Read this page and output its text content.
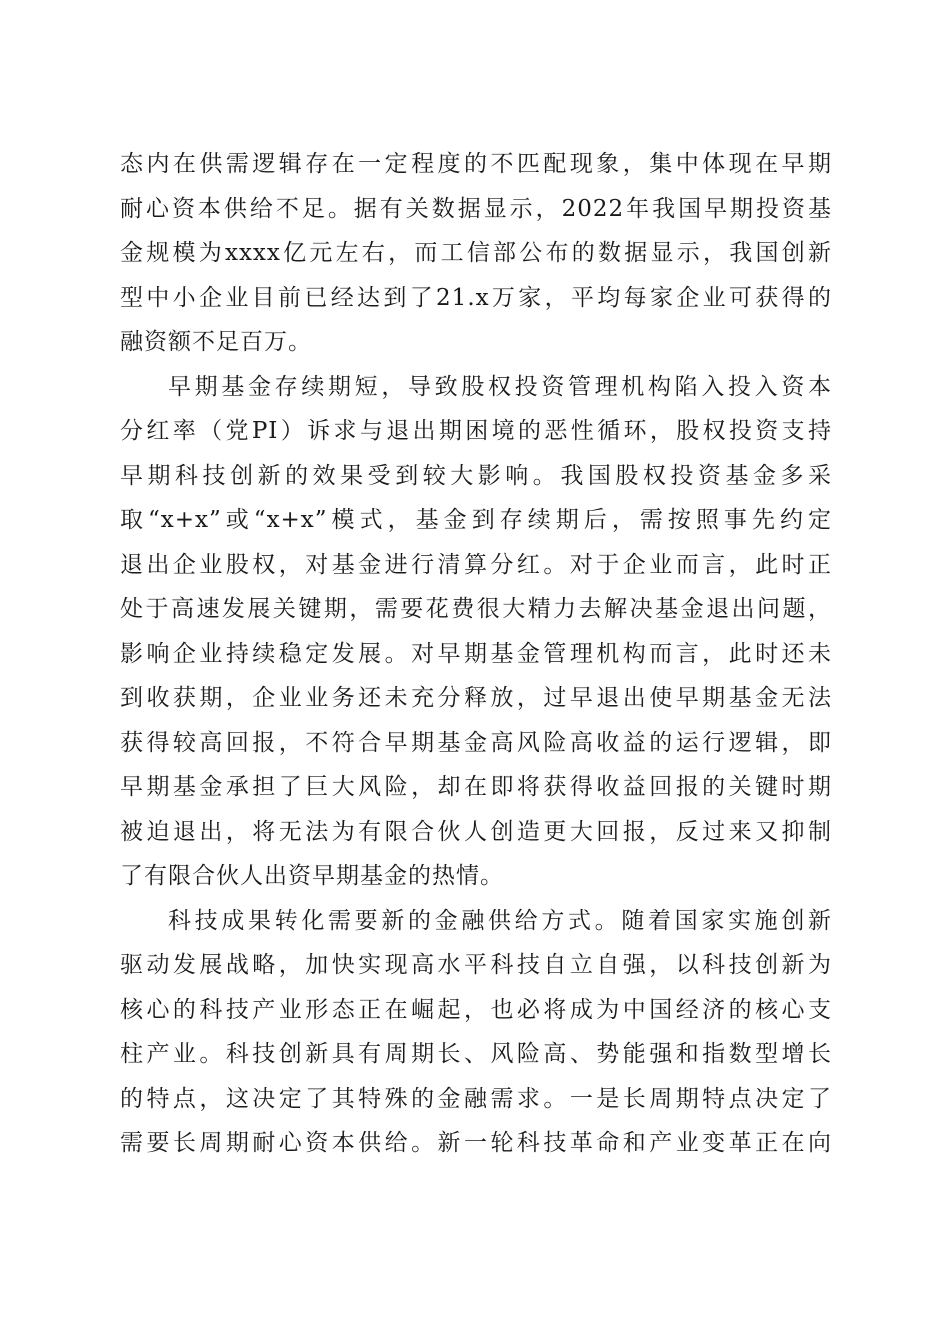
态内在供需逻辑存在一定程度的不匹配现象，集中体现在早期
耐心资本供给不足。据有关数据显示，2022年我国早期投资基
金规模为xxxx亿元左右，而工信部公布的数据显示，我国创新
型中小企业目前已经达到了21.x万家，平均每家企业可获得的
融资额不足百万。
早期基金存续期短，导致股权投资管理机构陷入投入资本
分红率（党PI）诉求与退出期困境的恶性循环，股权投资支持
早期科技创新的效果受到较大影响。我国股权投资基金多采
取“x+x”或“x+x”模式，基金到存续期后，需按照事先约定
退出企业股权，对基金进行清算分红。对于企业而言，此时正
处于高速发展关键期，需要花费很大精力去解决基金退出问题，
影响企业持续稳定发展。对早期基金管理机构而言，此时还未
到收获期，企业业务还未充分释放，过早退出使早期基金无法
获得较高回报，不符合早期基金高风险高收益的运行逻辑，即
早期基金承担了巨大风险，却在即将获得收益回报的关键时期
被迫退出，将无法为有限合伙人创造更大回报，反过来又抑制
了有限合伙人出资早期基金的热情。
科技成果转化需要新的金融供给方式。随着国家实施创新
驱动发展战略，加快实现高水平科技自立自强，以科技创新为
核心的科技产业形态正在崛起，也必将成为中国经济的核心支
柱产业。科技创新具有周期长、风险高、势能强和指数型增长
的特点，这决定了其特殊的金融需求。一是长周期特点决定了
需要长周期耐心资本供给。新一轮科技革命和产业变革正在向
